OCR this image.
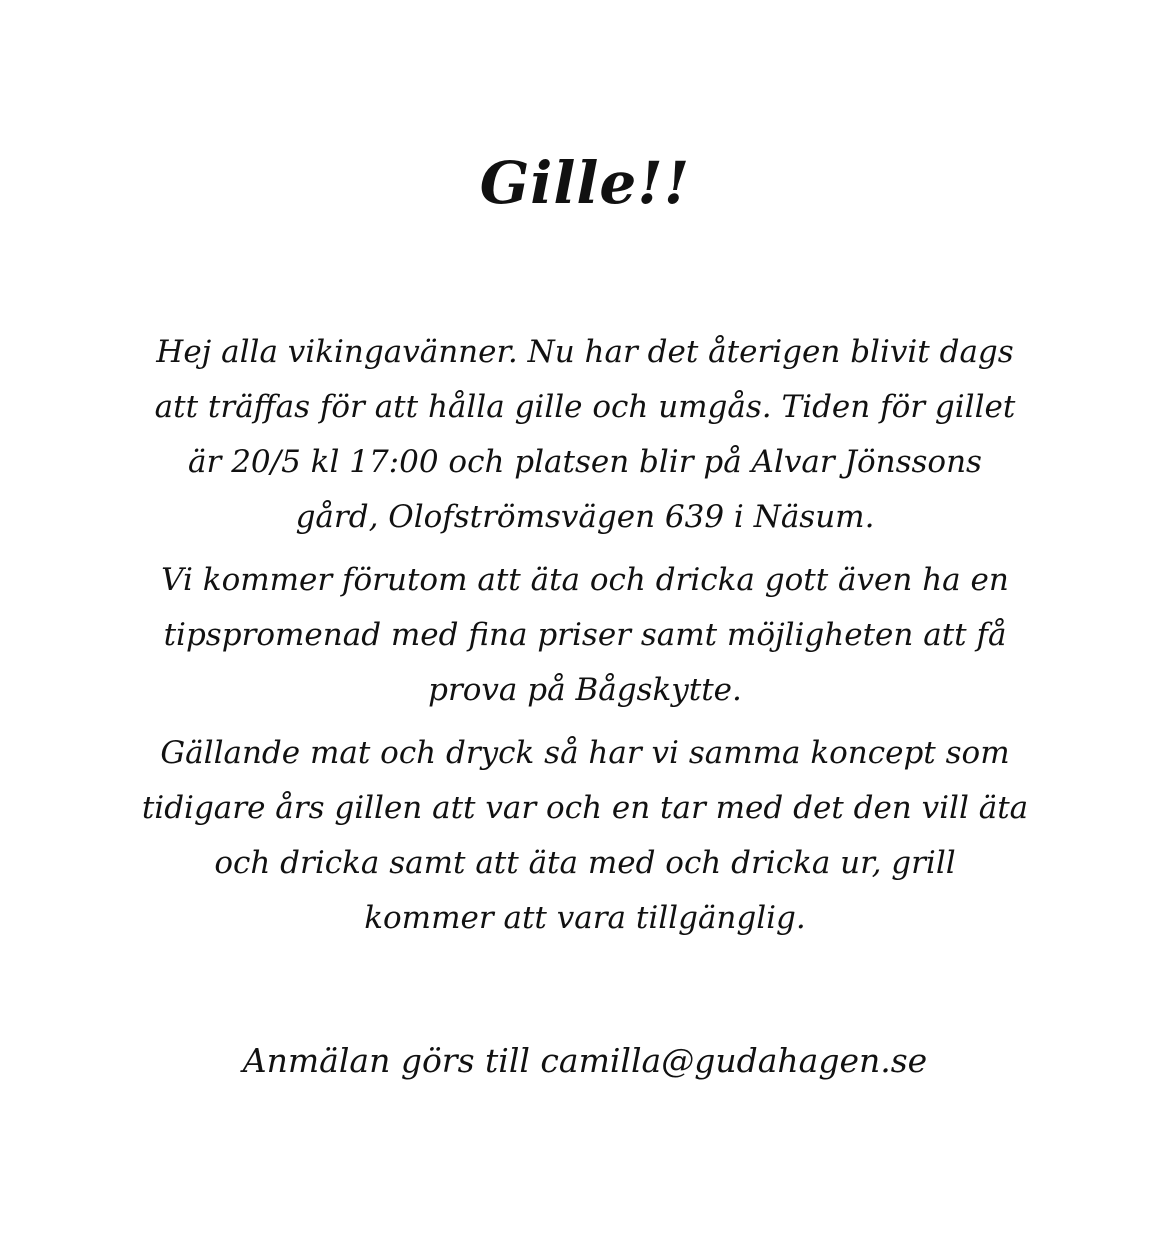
Gille!!
Hej alla vikingavänner. Nu har det återigen blivit dags
att träffas för att hålla gille och umgås. Tiden för gillet
är 20/5 kl 17:00 och platsen blir på Alvar Jönssons
gård, Olofströmsvägen 639 i Näsum.
Vi kommer förutom att äta och dricka gott även ha en
tipspromenad med fina priser samt möjligheten att få
prova på Bågskytte.
Gällande mat och dryck så har vi samma koncept som
tidigare års gillen att var och en tar med det den vill äta
och dricka samt att äta med och dricka ur, grill
kommer att vara tillgänglig.
Anmälan görs till camilla@gudahagen.se
